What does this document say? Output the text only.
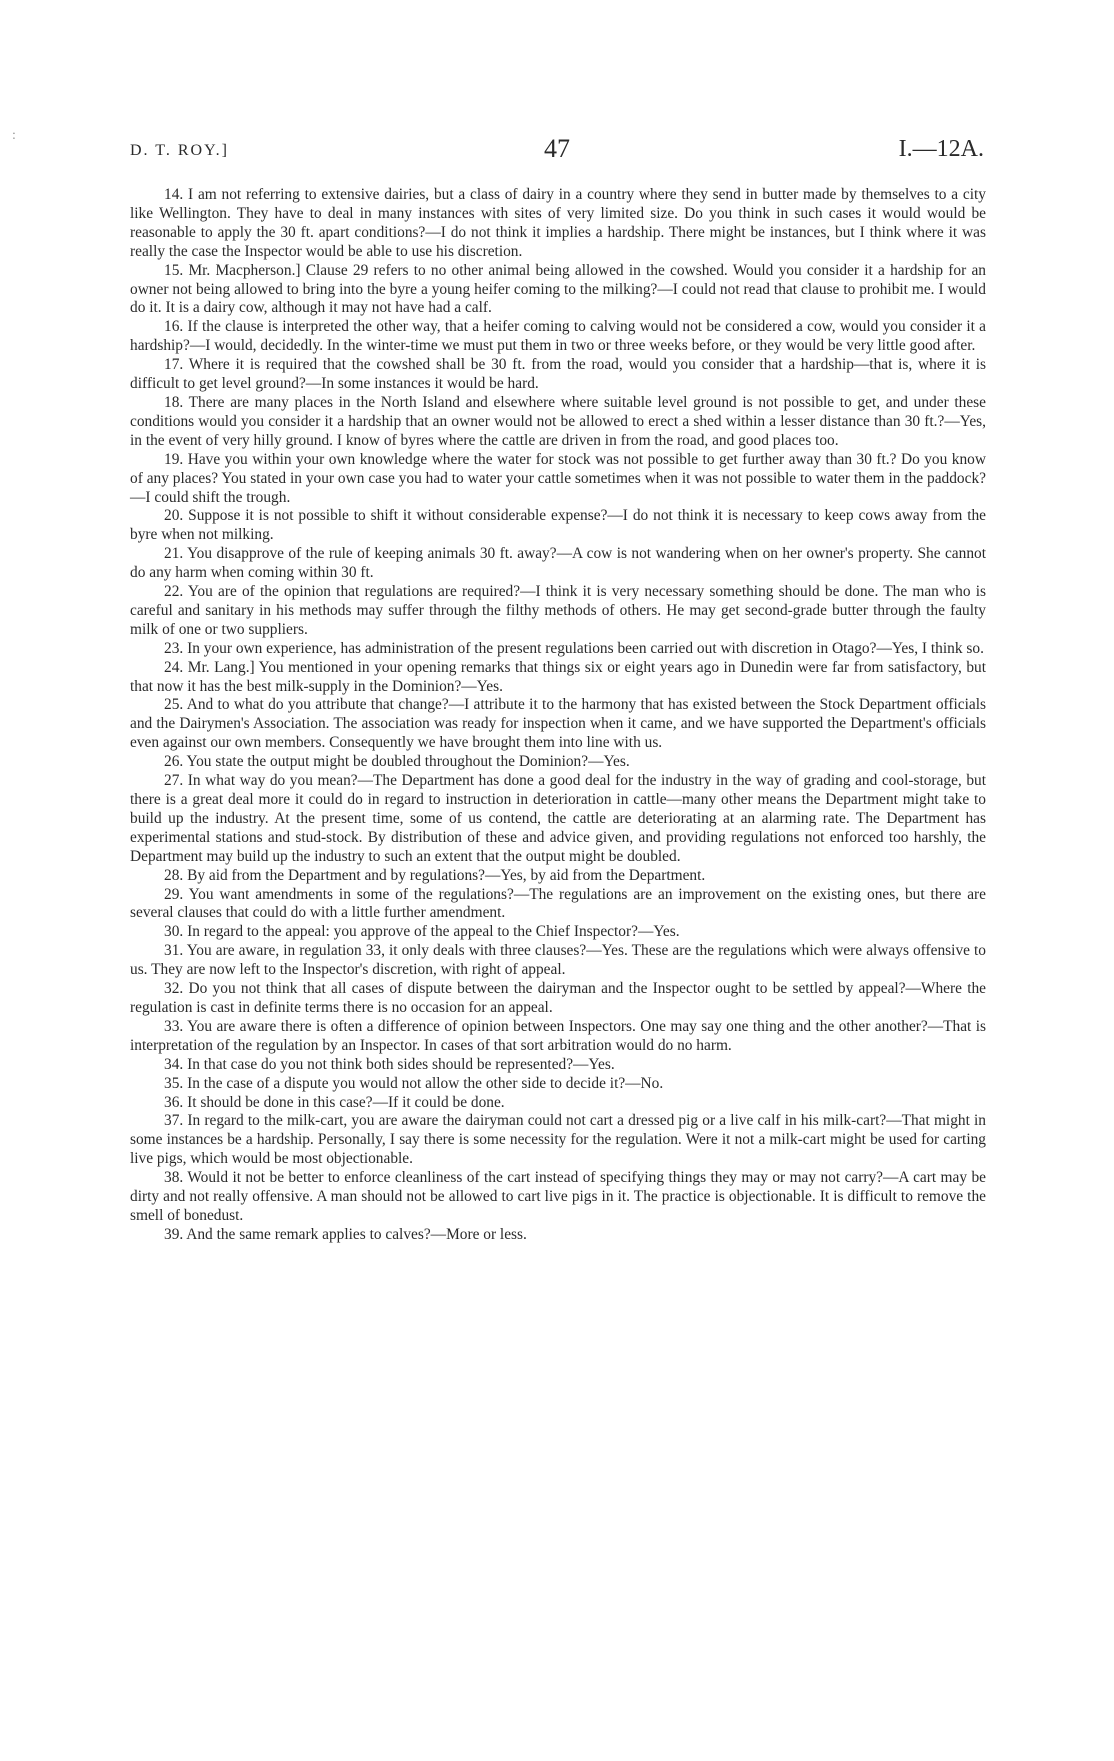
D. T. ROY.]	47	I.—12A.
:

14. I am not referring to extensive dairies, but a class of dairy in a country where they send in butter made by themselves to a city like Wellington. They have to deal in many instances with sites of very limited size. Do you think in such cases it would would be reasonable to apply the 30 ft. apart conditions?—I do not think it implies a hardship. There might be instances, but I think where it was really the case the Inspector would be able to use his discretion.

15. Mr. Macpherson.] Clause 29 refers to no other animal being allowed in the cowshed. Would you consider it a hardship for an owner not being allowed to bring into the byre a young heifer coming to the milking?—I could not read that clause to prohibit me. I would do it. It is a dairy cow, although it may not have had a calf.

16. If the clause is interpreted the other way, that a heifer coming to calving would not be considered a cow, would you consider it a hardship?—I would, decidedly. In the winter-time we must put them in two or three weeks before, or they would be very little good after.

17. Where it is required that the cowshed shall be 30 ft. from the road, would you consider that a hardship—that is, where it is difficult to get level ground?—In some instances it would be hard.

18. There are many places in the North Island and elsewhere where suitable level ground is not possible to get, and under these conditions would you consider it a hardship that an owner would not be allowed to erect a shed within a lesser distance than 30 ft.?—Yes, in the event of very hilly ground. I know of byres where the cattle are driven in from the road, and good places too.

19. Have you within your own knowledge where the water for stock was not possible to get further away than 30 ft.? Do you know of any places? You stated in your own case you had to water your cattle sometimes when it was not possible to water them in the paddock?—I could shift the trough.

20. Suppose it is not possible to shift it without considerable expense?—I do not think it is necessary to keep cows away from the byre when not milking.

21. You disapprove of the rule of keeping animals 30 ft. away?—A cow is not wandering when on her owner's property. She cannot do any harm when coming within 30 ft.

22. You are of the opinion that regulations are required?—I think it is very necessary something should be done. The man who is careful and sanitary in his methods may suffer through the filthy methods of others. He may get second-grade butter through the faulty milk of one or two suppliers.

23. In your own experience, has administration of the present regulations been carried out with discretion in Otago?—Yes, I think so.

24. Mr. Lang.] You mentioned in your opening remarks that things six or eight years ago in Dunedin were far from satisfactory, but that now it has the best milk-supply in the Dominion?—Yes.

25. And to what do you attribute that change?—I attribute it to the harmony that has existed between the Stock Department officials and the Dairymen's Association. The association was ready for inspection when it came, and we have supported the Department's officials even against our own members. Consequently we have brought them into line with us.

26. You state the output might be doubled throughout the Dominion?—Yes.

27. In what way do you mean?—The Department has done a good deal for the industry in the way of grading and cool-storage, but there is a great deal more it could do in regard to instruction in deterioration in cattle—many other means the Department might take to build up the industry. At the present time, some of us contend, the cattle are deteriorating at an alarming rate. The Department has experimental stations and stud-stock. By distribution of these and advice given, and providing regulations not enforced too harshly, the Department may build up the industry to such an extent that the output might be doubled.

28. By aid from the Department and by regulations?—Yes, by aid from the Department.

29. You want amendments in some of the regulations?—The regulations are an improvement on the existing ones, but there are several clauses that could do with a little further amendment.

30. In regard to the appeal: you approve of the appeal to the Chief Inspector?—Yes.

31. You are aware, in regulation 33, it only deals with three clauses?—Yes. These are the regulations which were always offensive to us. They are now left to the Inspector's discretion, with right of appeal.

32. Do you not think that all cases of dispute between the dairyman and the Inspector ought to be settled by appeal?—Where the regulation is cast in definite terms there is no occasion for an appeal.

33. You are aware there is often a difference of opinion between Inspectors. One may say one thing and the other another?—That is interpretation of the regulation by an Inspector. In cases of that sort arbitration would do no harm.

34. In that case do you not think both sides should be represented?—Yes.

35. In the case of a dispute you would not allow the other side to decide it?—No.

36. It should be done in this case?—If it could be done.

37. In regard to the milk-cart, you are aware the dairyman could not cart a dressed pig or a live calf in his milk-cart?—That might in some instances be a hardship. Personally, I say there is some necessity for the regulation. Were it not a milk-cart might be used for carting live pigs, which would be most objectionable.

38. Would it not be better to enforce cleanliness of the cart instead of specifying things they may or may not carry?—A cart may be dirty and not really offensive. A man should not be allowed to cart live pigs in it. The practice is objectionable. It is difficult to remove the smell of bonedust.

39. And the same remark applies to calves?—More or less.
